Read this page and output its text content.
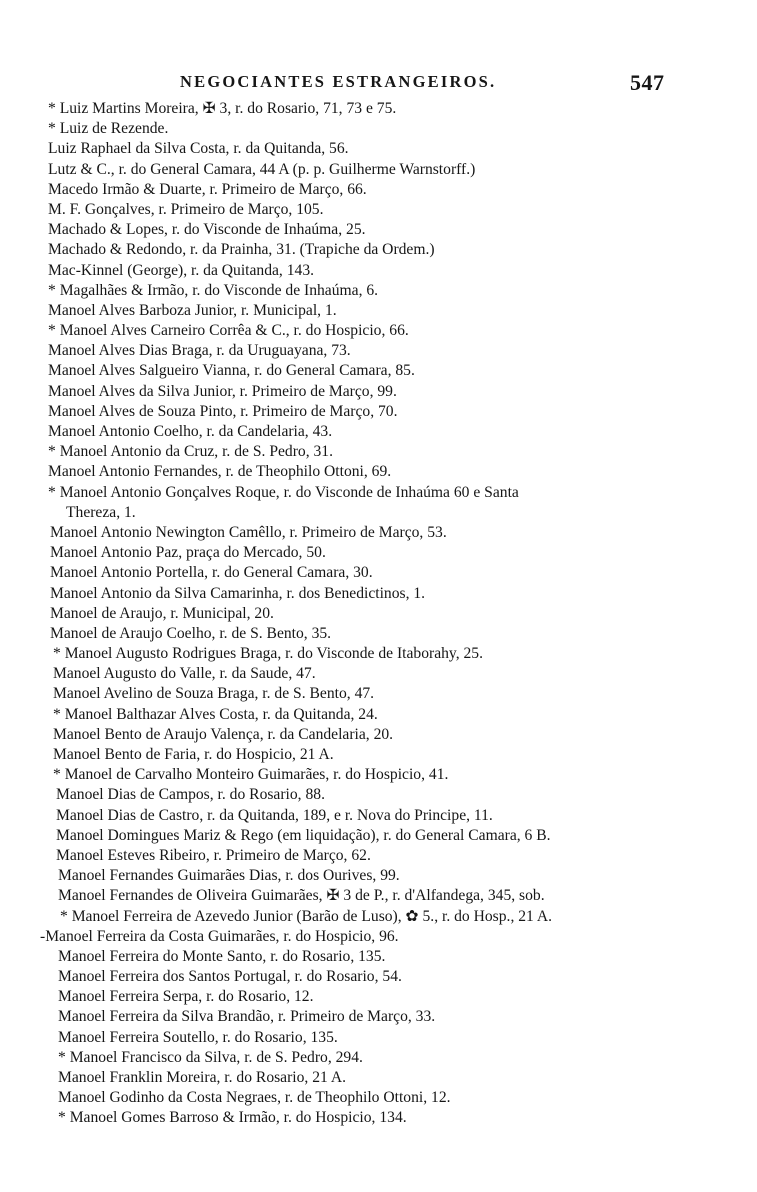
NEGOCIANTES ESTRANGEIROS.	547
* Luiz Martins Moreira, ✠ 3, r. do Rosario, 71, 73 e 75.
* Luiz de Rezende.
Luiz Raphael da Silva Costa, r. da Quitanda, 56.
Lutz & C., r. do General Camara, 44 A (p. p. Guilherme Warnstorff.)
Macedo Irmão & Duarte, r. Primeiro de Março, 66.
M. F. Gonçalves, r. Primeiro de Março, 105.
Machado & Lopes, r. do Visconde de Inhaúma, 25.
Machado & Redondo, r. da Prainha, 31. (Trapiche da Ordem.)
Mac-Kinnel (George), r. da Quitanda, 143.
* Magalhães & Irmão, r. do Visconde de Inhaúma, 6.
Manoel Alves Barboza Junior, r. Municipal, 1.
* Manoel Alves Carneiro Corrêa & C., r. do Hospicio, 66.
Manoel Alves Dias Braga, r. da Uruguayana, 73.
Manoel Alves Salgueiro Vianna, r. do General Camara, 85.
Manoel Alves da Silva Junior, r. Primeiro de Março, 99.
Manoel Alves de Souza Pinto, r. Primeiro de Março, 70.
Manoel Antonio Coelho, r. da Candelaria, 43.
* Manoel Antonio da Cruz, r. de S. Pedro, 31.
Manoel Antonio Fernandes, r. de Theophilo Ottoni, 69.
* Manoel Antonio Gonçalves Roque, r. do Visconde de Inhaúma 60 e Santa
Thereza, 1.
Manoel Antonio Newington Camêllo, r. Primeiro de Março, 53.
Manoel Antonio Paz, praça do Mercado, 50.
Manoel Antonio Portella, r. do General Camara, 30.
Manoel Antonio da Silva Camarinha, r. dos Benedictinos, 1.
Manoel de Araujo, r. Municipal, 20.
Manoel de Araujo Coelho, r. de S. Bento, 35.
* Manoel Augusto Rodrigues Braga, r. do Visconde de Itaborahy, 25.
Manoel Augusto do Valle, r. da Saude, 47.
Manoel Avelino de Souza Braga, r. de S. Bento, 47.
* Manoel Balthazar Alves Costa, r. da Quitanda, 24.
Manoel Bento de Araujo Valença, r. da Candelaria, 20.
Manoel Bento de Faria, r. do Hospicio, 21 A.
* Manoel de Carvalho Monteiro Guimarães, r. do Hospicio, 41.
Manoel Dias de Campos, r. do Rosario, 88.
Manoel Dias de Castro, r. da Quitanda, 189, e r. Nova do Principe, 11.
Manoel Domingues Mariz & Rego (em liquidação), r. do General Camara, 6 B.
Manoel Esteves Ribeiro, r. Primeiro de Março, 62.
Manoel Fernandes Guimarães Dias, r. dos Ourives, 99.
Manoel Fernandes de Oliveira Guimarães, ✠ 3 de P., r. d'Alfandega, 345, sob.
* Manoel Ferreira de Azevedo Junior (Barão de Luso), ✿ 5., r. do Hosp., 21 A.
-Manoel Ferreira da Costa Guimarães, r. do Hospicio, 96.
Manoel Ferreira do Monte Santo, r. do Rosario, 135.
Manoel Ferreira dos Santos Portugal, r. do Rosario, 54.
Manoel Ferreira Serpa, r. do Rosario, 12.
Manoel Ferreira da Silva Brandão, r. Primeiro de Março, 33.
Manoel Ferreira Soutello, r. do Rosario, 135.
* Manoel Francisco da Silva, r. de S. Pedro, 294.
Manoel Franklin Moreira, r. do Rosario, 21 A.
Manoel Godinho da Costa Negraes, r. de Theophilo Ottoni, 12.
* Manoel Gomes Barroso & Irmão, r. do Hospicio, 134.
